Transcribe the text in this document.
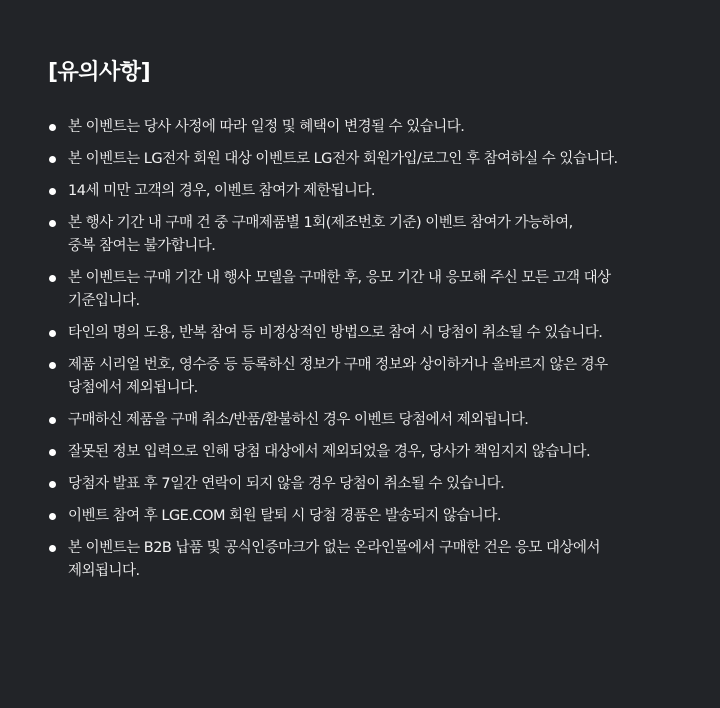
[유의사항]
본 이벤트는 당사 사정에 따라 일정 및 혜택이 변경될 수 있습니다.
본 이벤트는 LG전자 회원 대상 이벤트로 LG전자 회원가입/로그인 후 참여하실 수 있습니다.
14세 미만 고객의 경우, 이벤트 참여가 제한됩니다.
본 행사 기간 내 구매 건 중 구매제품별 1회(제조번호 기준) 이벤트 참여가 가능하여,
중복 참여는 불가합니다.
본 이벤트는 구매 기간 내 행사 모델을 구매한 후, 응모 기간 내 응모해 주신 모든 고객 대상
기준입니다.
타인의 명의 도용, 반복 참여 등 비정상적인 방법으로 참여 시 당첨이 취소될 수 있습니다.
제품 시리얼 번호, 영수증 등 등록하신 정보가 구매 정보와 상이하거나 올바르지 않은 경우
당첨에서 제외됩니다.
구매하신 제품을 구매 취소/반품/환불하신 경우 이벤트 당첨에서 제외됩니다.
잘못된 정보 입력으로 인해 당첨 대상에서 제외되었을 경우, 당사가 책임지지 않습니다.
당첨자 발표 후 7일간 연락이 되지 않을 경우 당첨이 취소될 수 있습니다.
이벤트 참여 후 LGE.COM 회원 탈퇴 시 당첨 경품은 발송되지 않습니다.
본 이벤트는 B2B 납품 및 공식인증마크가 없는 온라인몰에서 구매한 건은 응모 대상에서
제외됩니다.
